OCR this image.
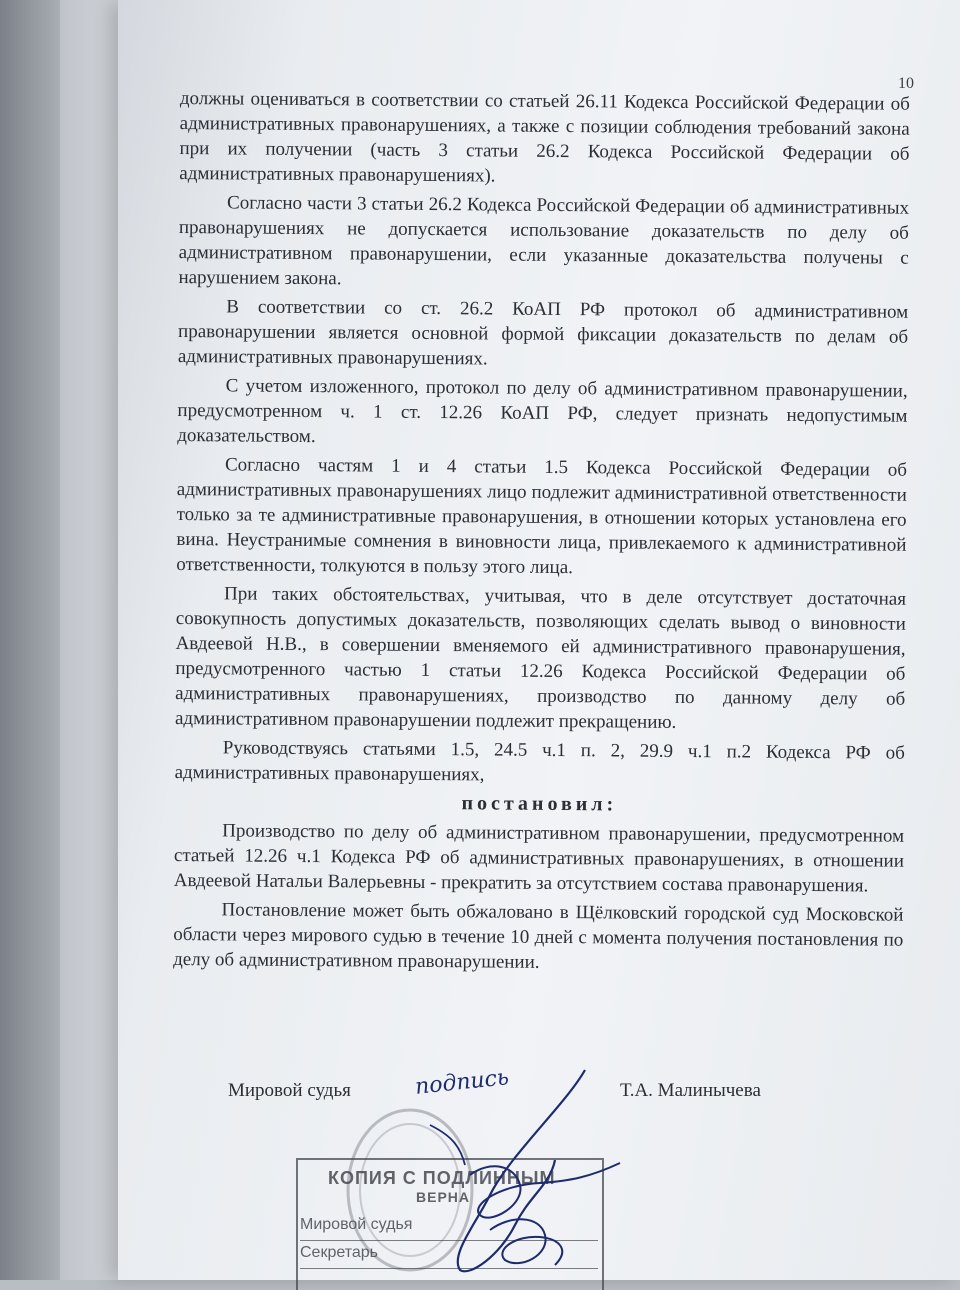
10

должны оцениваться в соответствии со статьей 26.11 Кодекса Российской Федерации об административных правонарушениях, а также с позиции соблюдения требований закона при их получении (часть 3 статьи 26.2 Кодекса Российской Федерации об административных правонарушениях).

Согласно части 3 статьи 26.2 Кодекса Российской Федерации об административных правонарушениях не допускается использование доказательств по делу об административном правонарушении, если указанные доказательства получены с нарушением закона.

В соответствии со ст. 26.2 КоАП РФ протокол об административном правонарушении является основной формой фиксации доказательств по делам об административных правонарушениях.

С учетом изложенного, протокол по делу об административном правонарушении, предусмотренном ч. 1 ст. 12.26 КоАП РФ, следует признать недопустимым доказательством.

Согласно частям 1 и 4 статьи 1.5 Кодекса Российской Федерации об административных правонарушениях лицо подлежит административной ответственности только за те административные правонарушения, в отношении которых установлена его вина. Неустранимые сомнения в виновности лица, привлекаемого к административной ответственности, толкуются в пользу этого лица.

При таких обстоятельствах, учитывая, что в деле отсутствует достаточная совокупность допустимых доказательств, позволяющих сделать вывод о виновности Авдеевой Н.В., в совершении вменяемого ей административного правонарушения, предусмотренного частью 1 статьи 12.26 Кодекса Российской Федерации об административных правонарушениях, производство по данному делу об административном правонарушении подлежит прекращению.

Руководствуясь статьями 1.5, 24.5 ч.1 п. 2, 29.9 ч.1 п.2 Кодекса РФ об административных правонарушениях,

постановил:

Производство по делу об административном правонарушении, предусмотренном статьей 12.26 ч.1 Кодекса РФ об административных правонарушениях, в отношении Авдеевой Натальи Валерьевны - прекратить за отсутствием состава правонарушения.

Постановление может быть обжаловано в Щёлковский городской суд Московской области через мирового судью в течение 10 дней с момента получения постановления по делу об административном правонарушении.

КОПИЯ С ПОДЛИННЫМ
ВЕРНА
Мировой судья
Секретарь
Мировой судья	Т.А. Малинычева
подпись
